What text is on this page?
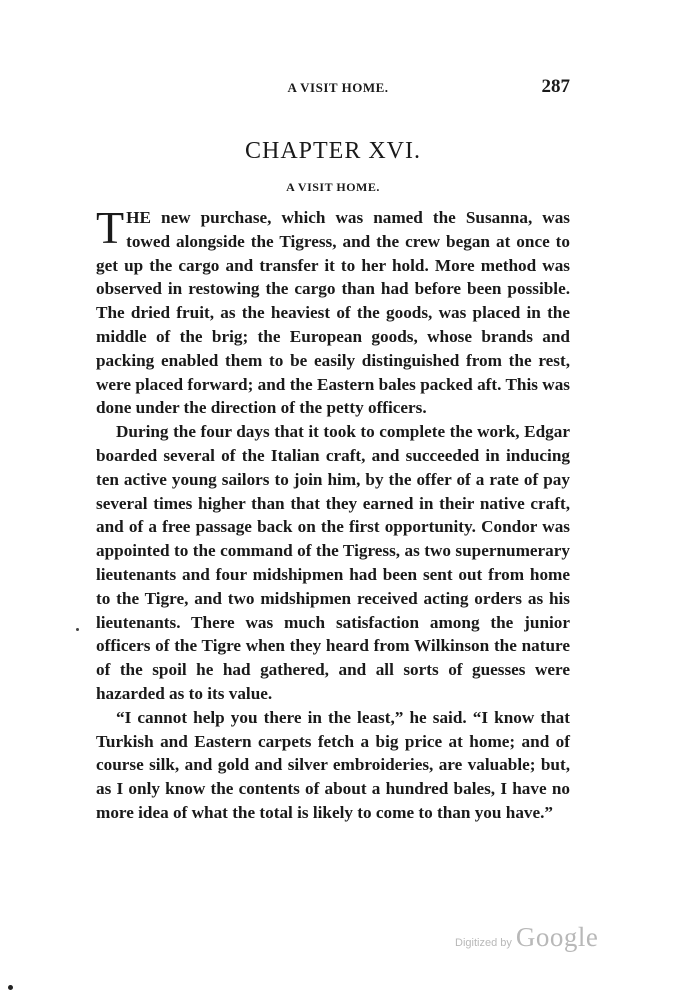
A VISIT HOME.	287
CHAPTER XVI.
A VISIT HOME.

THE new purchase, which was named the Susanna, was towed alongside the Tigress, and the crew began at once to get up the cargo and transfer it to her hold. More method was observed in restowing the cargo than had before been possible. The dried fruit, as the heaviest of the goods, was placed in the middle of the brig; the European goods, whose brands and packing enabled them to be easily distinguished from the rest, were placed forward; and the Eastern bales packed aft. This was done under the direction of the petty officers.

During the four days that it took to complete the work, Edgar boarded several of the Italian craft, and succeeded in inducing ten active young sailors to join him, by the offer of a rate of pay several times higher than that they earned in their native craft, and of a free passage back on the first opportunity. Condor was appointed to the command of the Tigress, as two supernumerary lieutenants and four midshipmen had been sent out from home to the Tigre, and two midshipmen received acting orders as his lieutenants. There was much satisfaction among the junior officers of the Tigre when they heard from Wilkinson the nature of the spoil he had gathered, and all sorts of guesses were hazarded as to its value.

“I cannot help you there in the least,” he said. “I know that Turkish and Eastern carpets fetch a big price at home; and of course silk, and gold and silver embroideries, are valuable; but, as I only know the contents of about a hundred bales, I have no more idea of what the total is likely to come to than you have.”

Digitized by Google
